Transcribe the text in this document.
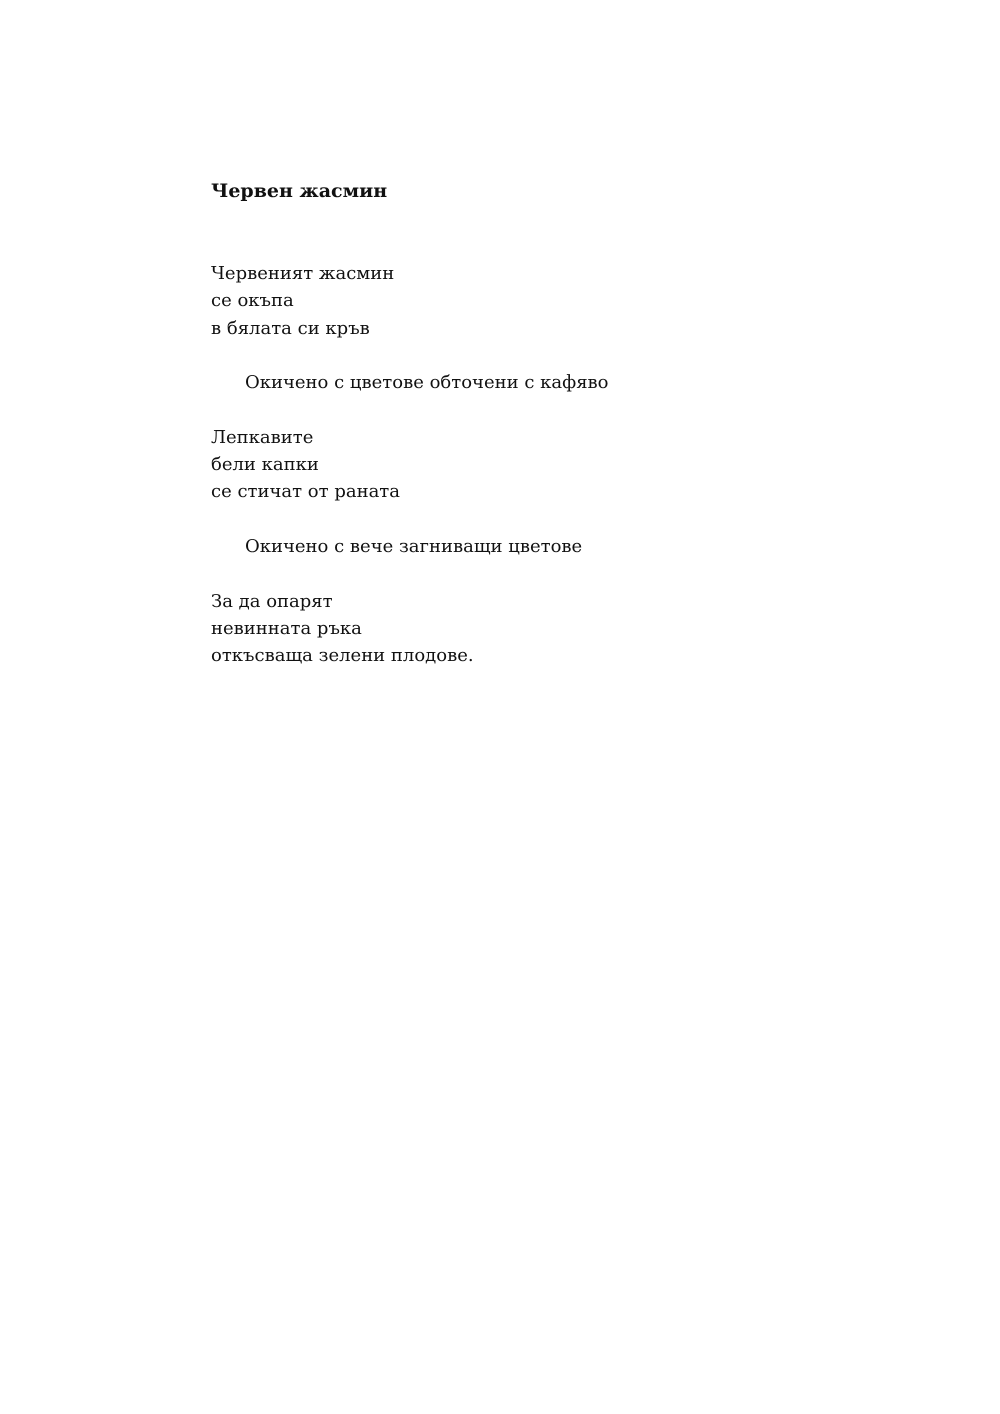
Червен жасмин
Червеният жасмин
се окъпа
в бялата си кръв
Окичено с цветове обточени с кафяво
Лепкавите
бели капки
се стичат от раната
Окичено с вече загниващи цветове
За да опарят
невинната ръка
откъсваща зелени плодове.
